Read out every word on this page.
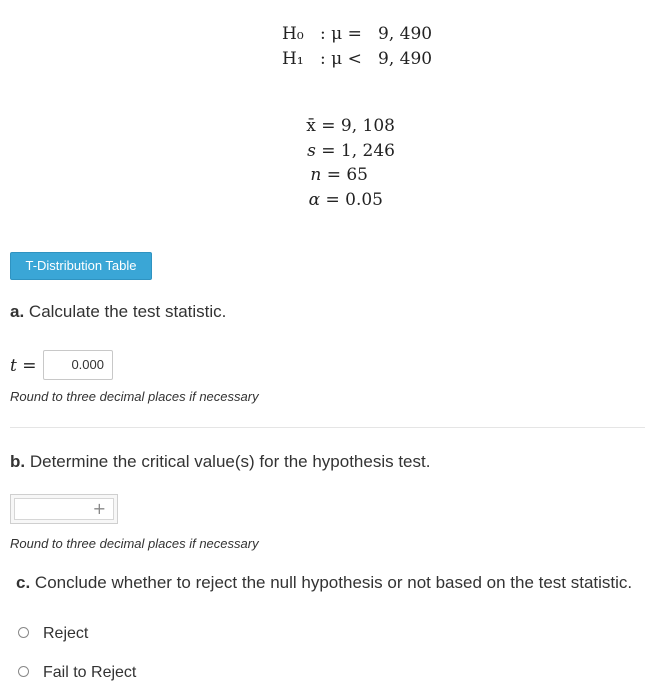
H₀ : μ = 9, 490
H₁ : μ < 9, 490
x̄ = 9, 108
s = 1, 246
n = 65
α = 0.05
T-Distribution Table
a. Calculate the test statistic.
t =	0.000
Round to three decimal places if necessary
b. Determine the critical value(s) for the hypothesis test.
+
Round to three decimal places if necessary
c. Conclude whether to reject the null hypothesis or not based on the test statistic.
Reject
Fail to Reject
